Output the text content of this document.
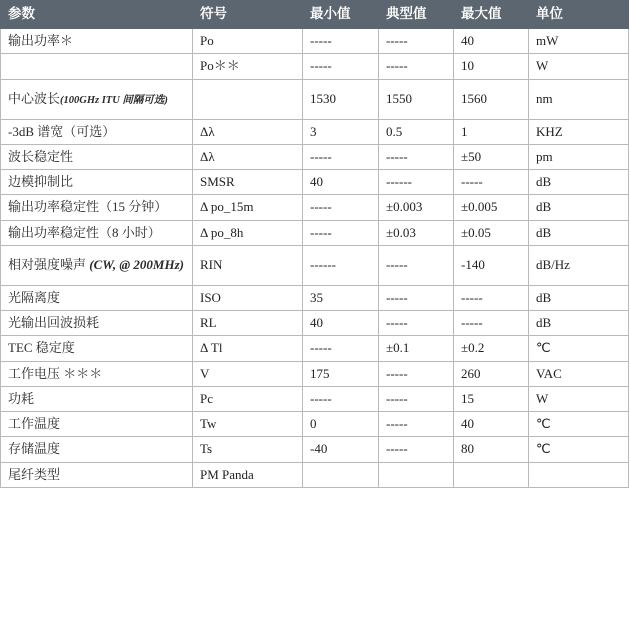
参数	符号	最小值	典型值	最大值	单位
输出功率＊	Po	-----	-----	40	mW
	Po＊＊	-----	-----	10	W
中心波长(100GHz ITU 间隔可选)		1530	1550	1560	nm
-3dB 谱宽（可选）	Δλ	3	0.5	1	KHZ
波长稳定性	Δλ	-----	-----	±50	pm
边模抑制比	SMSR	40	------	-----	dB
输出功率稳定性（15 分钟）	Δ po_15m	-----	±0.003	±0.005	dB
输出功率稳定性（8 小时）	Δ po_8h	-----	±0.03	±0.05	dB
相对强度噪声 (CW, @ 200MHz)	RIN	------	-----	-140	dB/Hz
光隔离度	ISO	35	-----	-----	dB
光输出回波损耗	RL	40	-----	-----	dB
TEC 稳定度	Δ Tl	-----	±0.1	±0.2	℃
工作电压 ＊＊＊	V	175	-----	260	VAC
功耗	Pc	-----	-----	15	W
工作温度	Tw	0	-----	40	℃
存储温度	Ts	-40	-----	80	℃
尾纤类型	PM Panda				
